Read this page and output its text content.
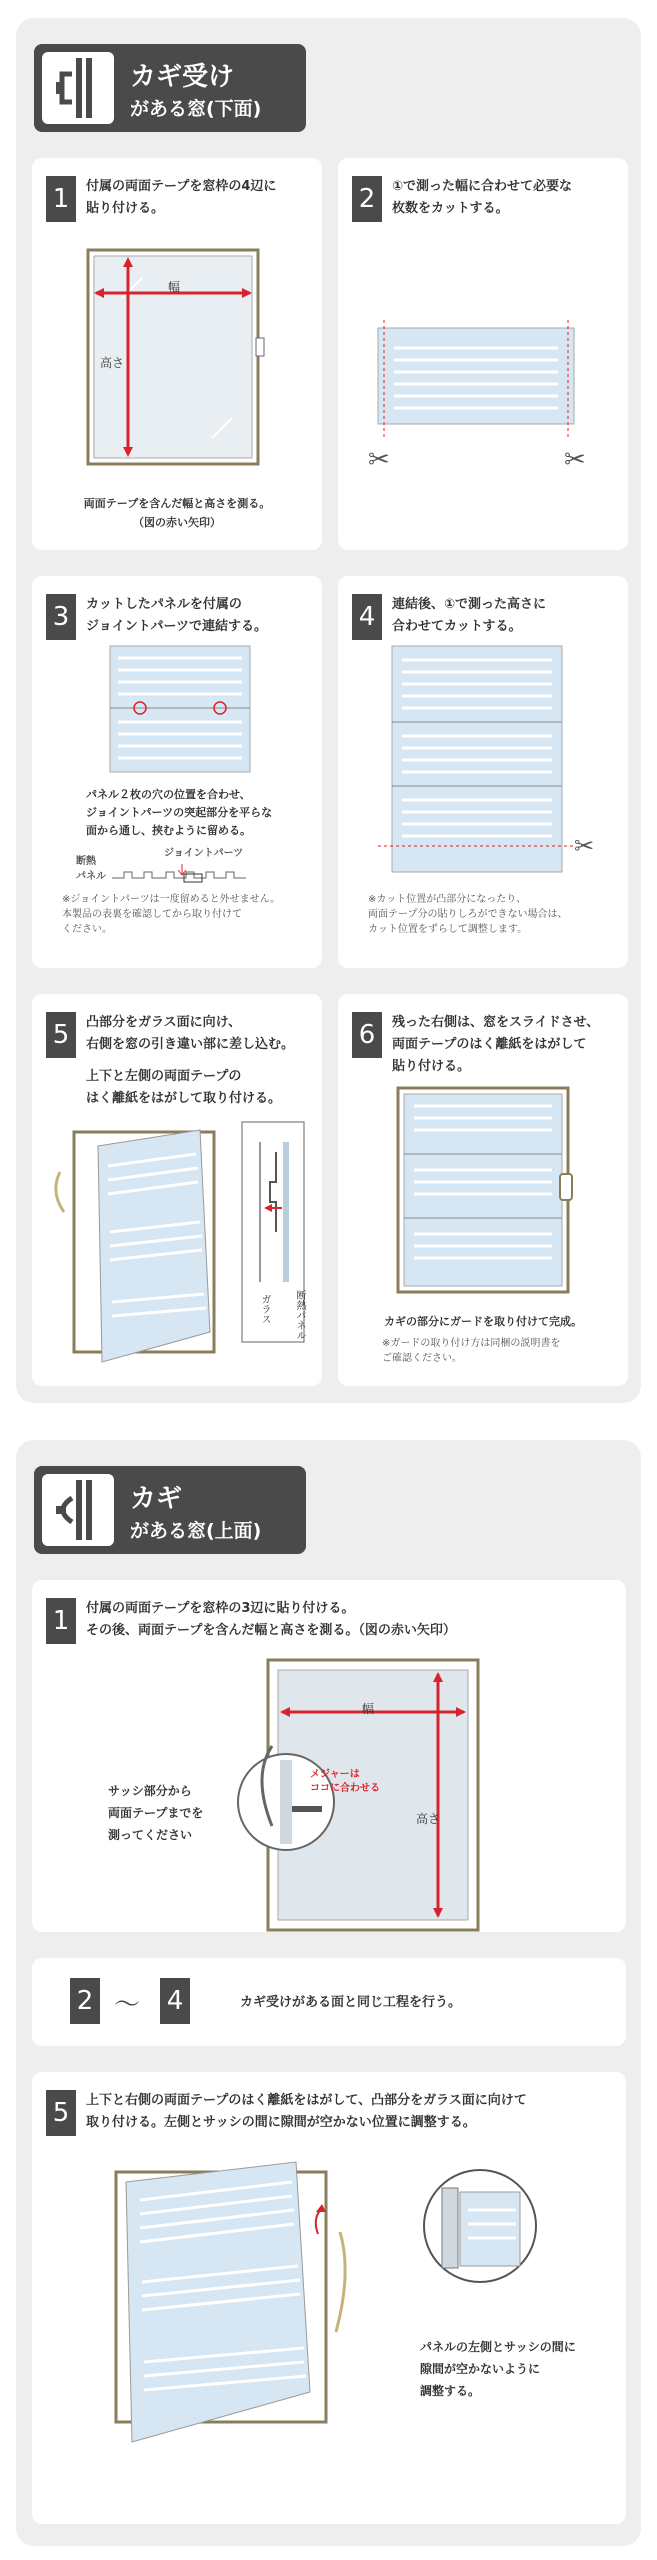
カギ受け
がある窓(下面)
1	付属の両面テープを窓枠の4辺に
貼り付ける。
幅
高さ
両面テープを含んだ幅と高さを測る。
（図の赤い矢印）
2	①で測った幅に合わせて必要な
枚数をカットする。
✂	✂
3	カットしたパネルを付属の
ジョイントパーツで連結する。
パネル２枚の穴の位置を合わせ、
ジョイントパーツの突起部分を平らな
面から通し、挟むように留める。
ジョイントパーツ
断熱
パネル
※ジョイントパーツは一度留めると外せません。
本製品の表裏を確認してから取り付けて
ください。
4	連結後、①で測った高さに
合わせてカットする。
✂
※カット位置が凸部分になったり、
両面テープ分の貼りしろができない場合は、
カット位置をずらして調整します。
5	凸部分をガラス面に向け、
右側を窓の引き違い部に差し込む。
上下と左側の両面テープの
はく離紙をはがして取り付ける。
ガラス 断熱パネル
6	残った右側は、窓をスライドさせ、
両面テープのはく離紙をはがして
貼り付ける。
カギの部分にガードを取り付けて完成。
※ガードの取り付け方は同梱の説明書を
ご確認ください。
カギ
がある窓(上面)
1	付属の両面テープを窓枠の3辺に貼り付ける。
その後、両面テープを含んだ幅と高さを測る。（図の赤い矢印）
幅
高さ
メジャーは
ココに合わせる
サッシ部分から
両面テープまでを
測ってください
2 〜 4	カギ受けがある面と同じ工程を行う。
5	上下と右側の両面テープのはく離紙をはがして、凸部分をガラス面に向けて
取り付ける。左側とサッシの間に隙間が空かない位置に調整する。
パネルの左側とサッシの間に
隙間が空かないように
調整する。
